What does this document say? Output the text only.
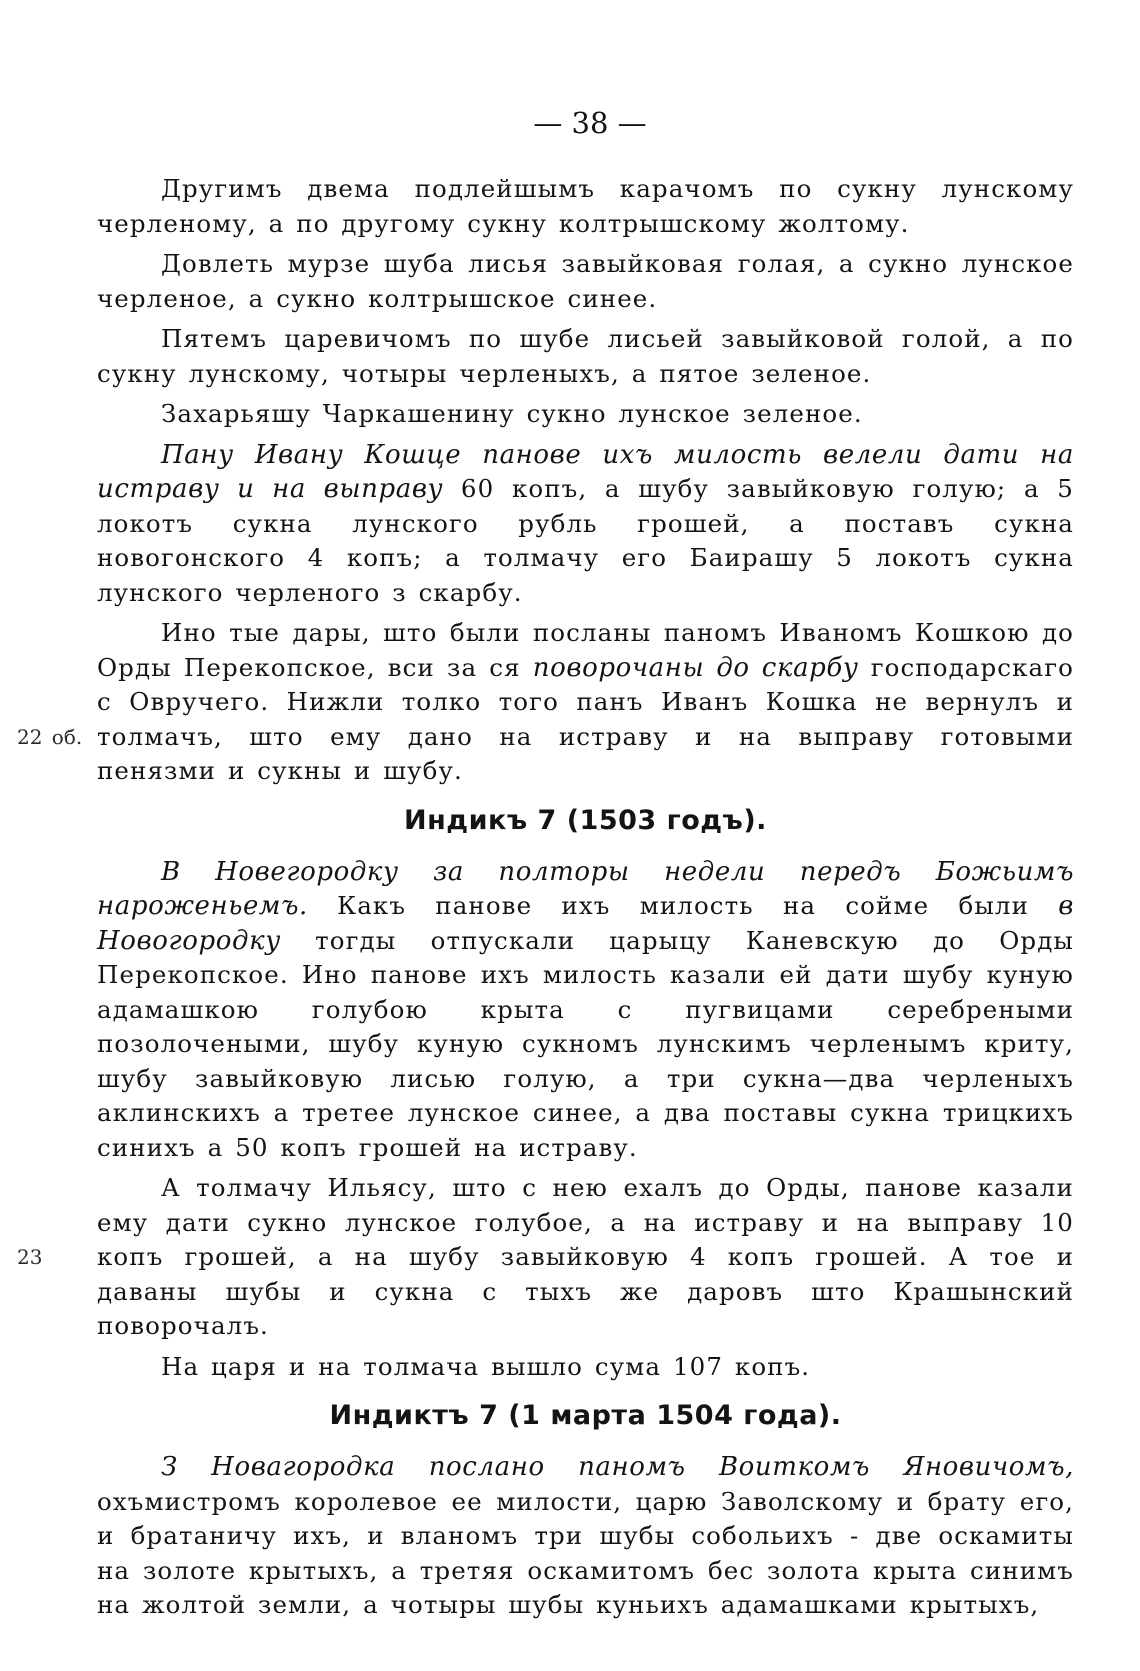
— 38 —

Другимъ двема подлейшымъ карачомъ по сукну лунскому черленому, а по другому сукну колтрышскому жолтому.

Довлеть мурзе шуба лисья завыйковая голая, а сукно лунское черленое, а сукно колтрышское синее.

Пятемъ царевичомъ по шубе лисьей завыйковой голой, а по сукну лунскому, чотыры черленыхъ, а пятое зеленое.

Захарьяшу Чаркашенину сукно лунское зеленое.

Пану Ивану Кошце панове ихъ милость велели дати на истраву и на выправу 60 копъ, а шубу завыйковую голую; а 5 локотъ сукна лунского рубль грошей, а поставъ сукна новогонского 4 копъ; а толмачу его Баирашу 5 локотъ сукна лунского черленого з скарбу.

22 об.
Ино тые дары, што были посланы паномъ Иваномъ Кошкою до Орды Перекопское, вси за ся поворочаны до скарбу господарскаго с Овручего. Нижли толко того панъ Иванъ Кошка не вернулъ и толмачъ, што ему дано на истраву и на выправу готовыми пенязми и сукны и шубу.

Индикъ 7 (1503 годъ).

В Новегородку за полторы недели передъ Божьимъ нароженьемъ. Какъ панове ихъ милость на сойме были в Новогородку тогды отпускали царыцу Каневскую до Орды Перекопское. Ино панове ихъ милость казали ей дати шубу куную адамашкою голубою крыта с пугвицами серебреными позолочеными, шубу куную сукномъ лунскимъ черленымъ криту, шубу завыйковую лисью голую, а три сукна—два черленыхъ аклинскихъ а третее лунское синее, а два поставы сукна трицкихъ синихъ а 50 копъ грошей на истраву.

23
А толмачу Ильясу, што с нею ехалъ до Орды, панове казали ему дати сукно лунское голубое, а на истраву и на выправу 10 копъ грошей, а на шубу завыйковую 4 копъ грошей. А тое и даваны шубы и сукна с тыхъ же даровъ што Крашынский поворочалъ.

На царя и на толмача вышло сума 107 копъ.

Индиктъ 7 (1 марта 1504 года).

З Новагородка послано паномъ Воиткомъ Яновичомъ, охъмистромъ королевое ее милости, царю Заволскому и брату его, и братаничу ихъ, и вланомъ три шубы собольихъ - две оскамиты на золоте крытыхъ, а третяя оскамитомъ бес золота крыта синимъ на жолтой земли, а чотыры шубы куньихъ адамашками крытыхъ,
